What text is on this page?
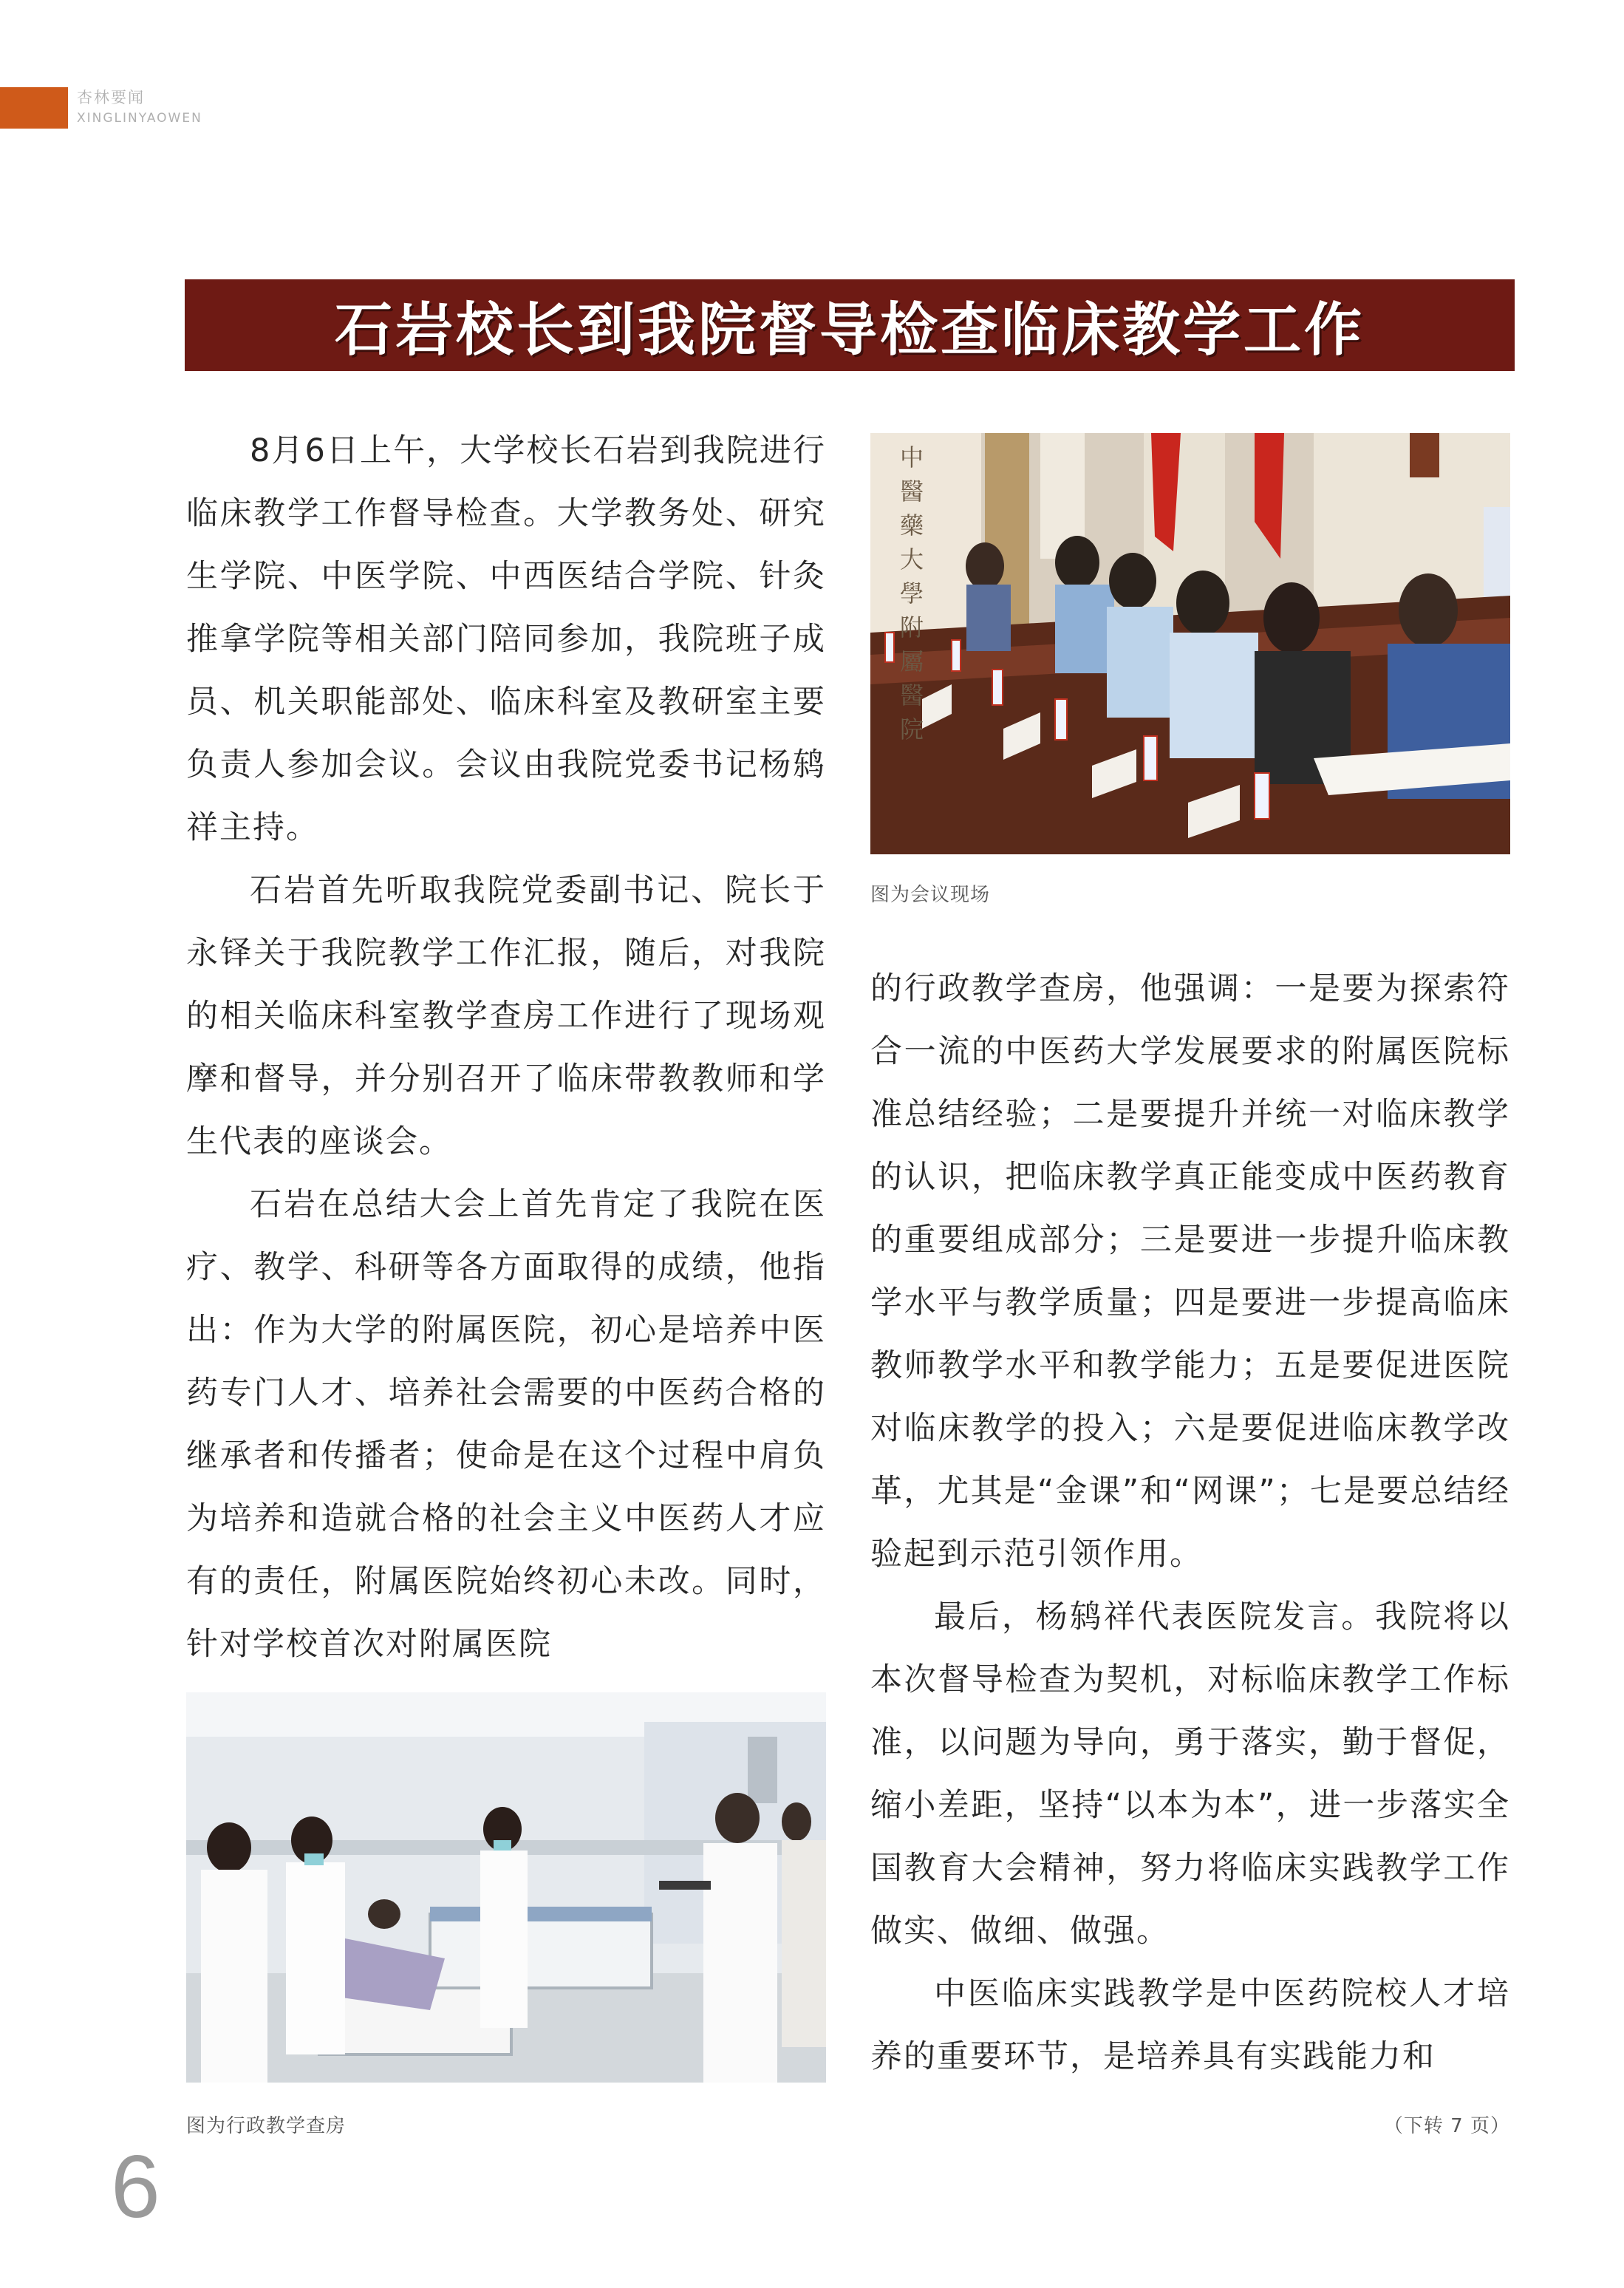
杏林要闻
XINGLINYAOWEN
石岩校长到我院督导检查临床教学工作

8月6日上午，大学校长石岩到我院进行临床教学工作督导检查。大学教务处、研究生学院、中医学院、中西医结合学院、针灸推拿学院等相关部门陪同参加，我院班子成员、机关职能部处、临床科室及教研室主要负责人参加会议。会议由我院党委书记杨鸫祥主持。

石岩首先听取我院党委副书记、院长于永铎关于我院教学工作汇报，随后，对我院的相关临床科室教学查房工作进行了现场观摩和督导，并分别召开了临床带教教师和学生代表的座谈会。

石岩在总结大会上首先肯定了我院在医疗、教学、科研等各方面取得的成绩，他指出：作为大学的附属医院，初心是培养中医药专门人才、培养社会需要的中医药合格的继承者和传播者；使命是在这个过程中肩负为培养和造就合格的社会主义中医药人才应有的责任，附属医院始终初心未改。同时，针对学校首次对附属医院

中醫藥大學附屬醫院
图为会议现场

的行政教学查房，他强调：一是要为探索符合一流的中医药大学发展要求的附属医院标准总结经验；二是要提升并统一对临床教学的认识，把临床教学真正能变成中医药教育的重要组成部分；三是要进一步提升临床教学水平与教学质量；四是要进一步提高临床教师教学水平和教学能力；五是要促进医院对临床教学的投入；六是要促进临床教学改革，尤其是“金课”和“网课”；七是要总结经验起到示范引领作用。

最后，杨鸫祥代表医院发言。我院将以本次督导检查为契机，对标临床教学工作标准，以问题为导向，勇于落实，勤于督促，缩小差距，坚持“以本为本”，进一步落实全国教育大会精神，努力将临床实践教学工作做实、做细、做强。

中医临床实践教学是中医药院校人才培养的重要环节，是培养具有实践能力和

图为行政教学查房	（下转 7 页）
6
